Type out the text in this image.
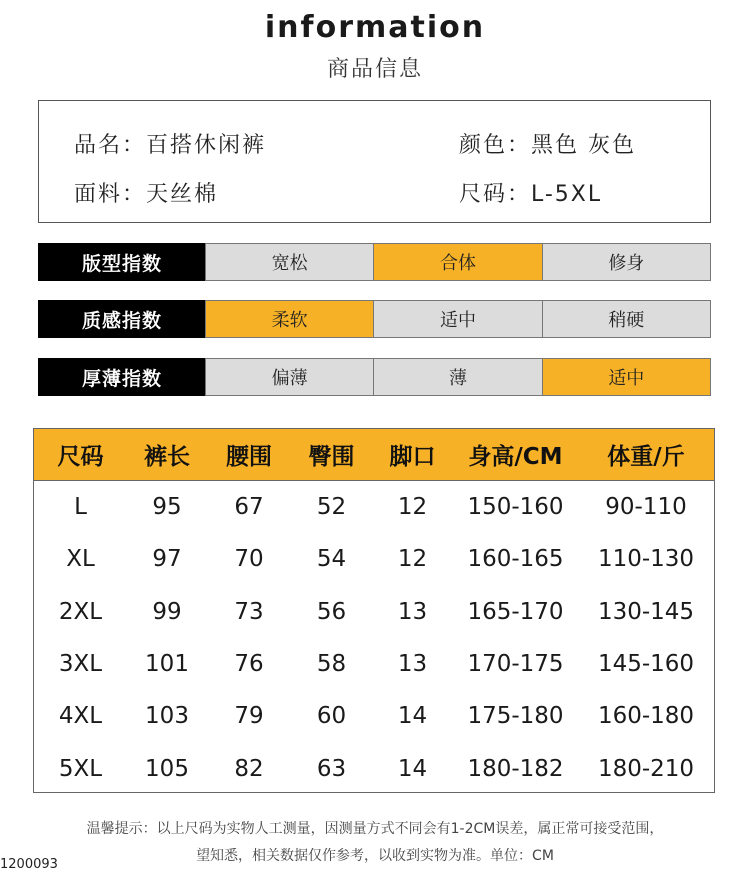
information
商品信息
品名：百搭休闲裤	颜色：黑色 灰色
面料：天丝棉	尺码：L-5XL
版型指数	宽松	合体	修身
质感指数	柔软	适中	稍硬
厚薄指数	偏薄	薄	适中
尺码	裤长	腰围	臀围	脚口	身高/CM	体重/斤
L	95	67	52	12	150-160	90-110
XL	97	70	54	12	160-165	110-130
2XL	99	73	56	13	165-170	130-145
3XL	101	76	58	13	170-175	145-160
4XL	103	79	60	14	175-180	160-180
5XL	105	82	63	14	180-182	180-210
温馨提示：以上尺码为实物人工测量，因测量方式不同会有1-2CM误差，属正常可接受范围，
望知悉，相关数据仅作参考，以收到实物为准。单位：CM
1200093
